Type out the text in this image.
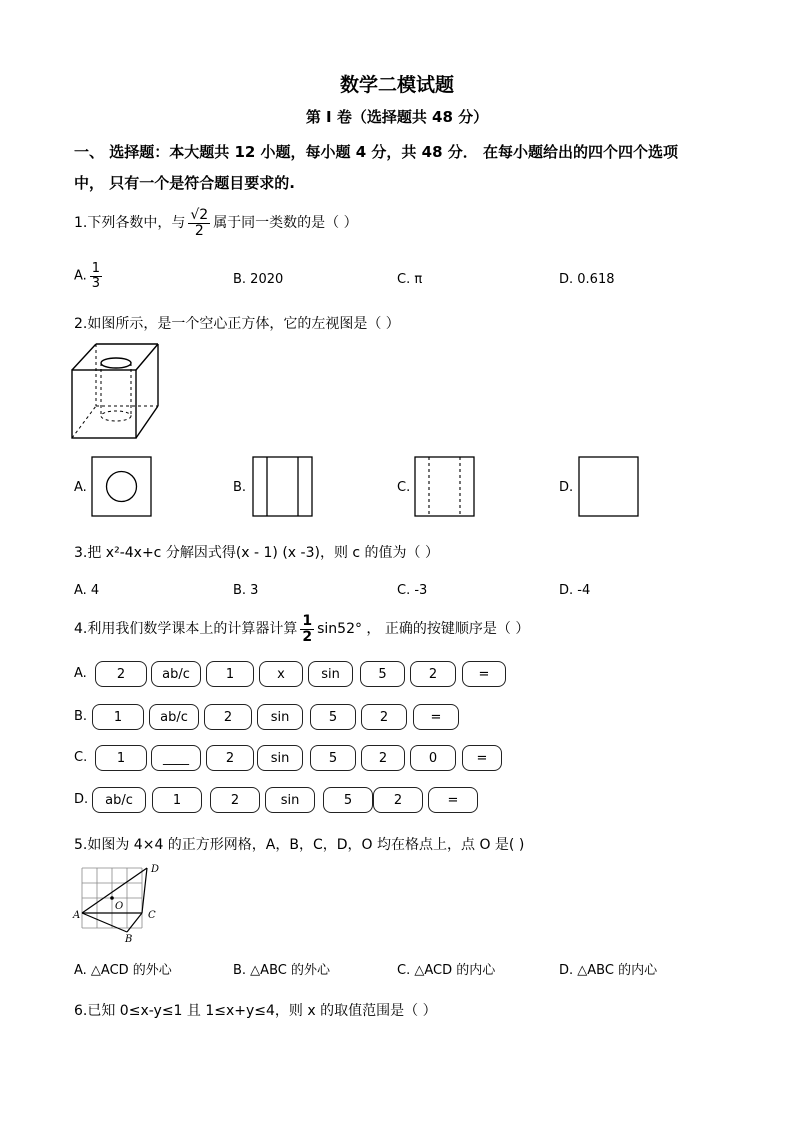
数学二模试题
第 I 卷（选择题共 48 分）
一、 选择题：本大题共 12 小题，每小题 4 分，共 48 分． 在每小题给出的四个四个选项
中， 只有一个是符合题目要求的.
1.下列各数中，与 $\frac{√2}{2}$ 属于同一类数的是（ ）
A. $\frac{1}{3}$	B. 2020	C. π	D. 0.618
2.如图所示，是一个空心正方体，它的左视图是（ ）
A.	B.	C.	D.
3.把 x²-4x+c 分解因式得(x - 1) (x -3)，则 c 的值为（ ）
A. 4	B. 3	C. -3	D. -4
4.利用我们数学课本上的计算器计算 $\frac{1}{2} \sin 52^\circ$ ， 正确的按键顺序是（ ）
A.	2	ab/c	1	x	sin	5	2	=
B.	1	ab/c	2	sin	5	2	=
C.	1	____	2	sin	5	2	0	=
D.	ab/c	1	2	sin	5	2	=
5.如图为 4×4 的正方形网格，A，B，C，D，O 均在格点上，点 O 是( )
A
D
C
B
O
A. △ACD 的外心	B. △ABC 的外心	C. △ACD 的内心	D. △ABC 的内心
6.已知 0≤x-y≤1 且 1≤x+y≤4，则 x 的取值范围是（ ）
